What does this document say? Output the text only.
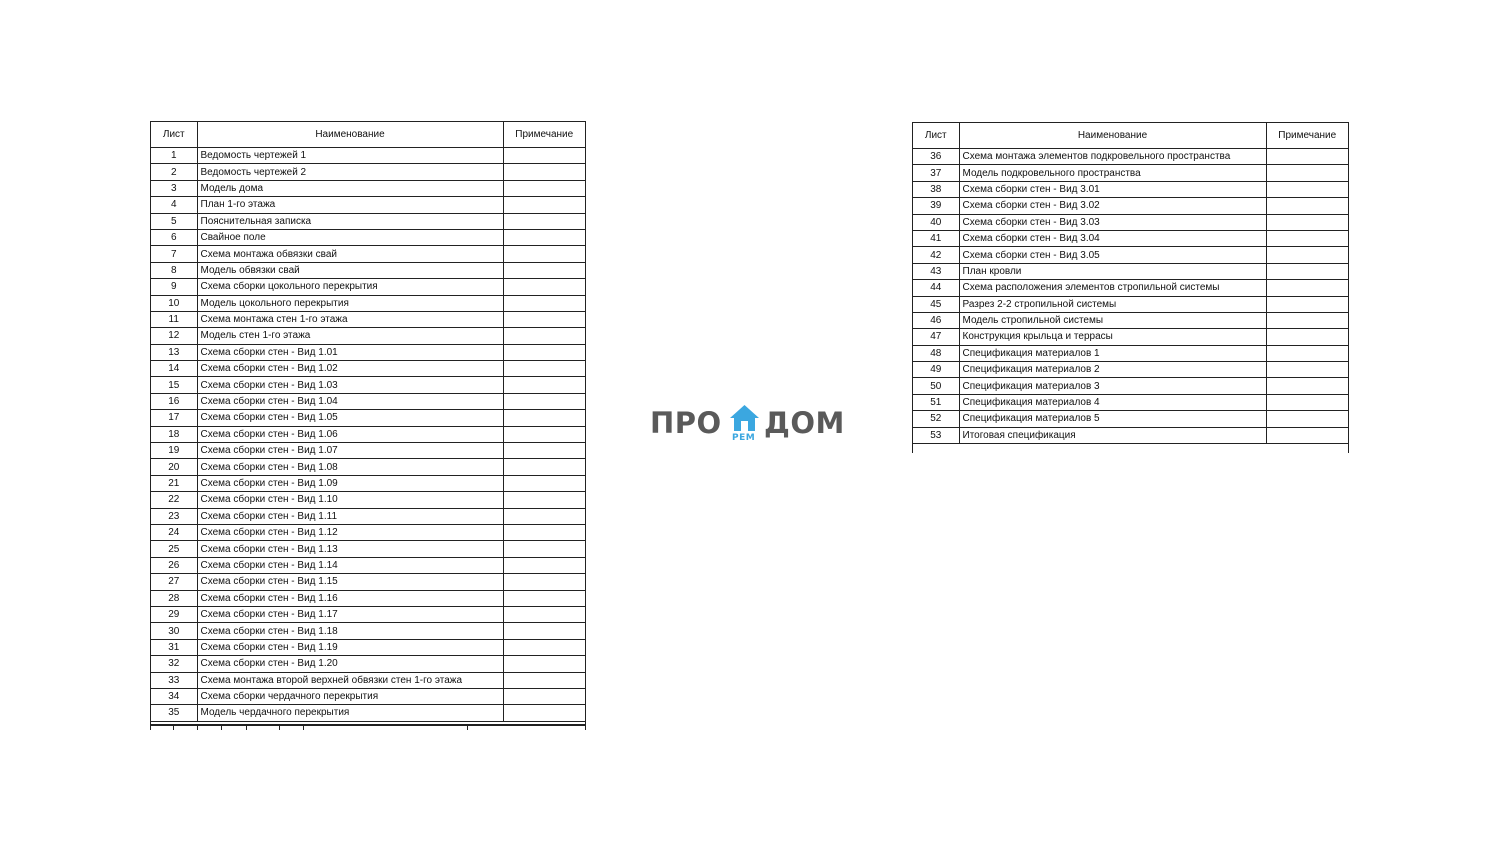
Лист	Наименование	Примечание
1	Ведомость чертежей 1	
2	Ведомость чертежей 2	
3	Модель дома	
4	План 1-го этажа	
5	Пояснительная записка	
6	Свайное поле	
7	Схема монтажа обвязки свай	
8	Модель обвязки свай	
9	Схема сборки цокольного перекрытия	
10	Модель цокольного перекрытия	
11	Схема монтажа стен 1-го этажа	
12	Модель стен 1-го этажа	
13	Схема сборки стен - Вид 1.01	
14	Схема сборки стен - Вид 1.02	
15	Схема сборки стен - Вид 1.03	
16	Схема сборки стен - Вид 1.04	
17	Схема сборки стен - Вид 1.05	
18	Схема сборки стен - Вид 1.06	
19	Схема сборки стен - Вид 1.07	
20	Схема сборки стен - Вид 1.08	
21	Схема сборки стен - Вид 1.09	
22	Схема сборки стен - Вид 1.10	
23	Схема сборки стен - Вид 1.11	
24	Схема сборки стен - Вид 1.12	
25	Схема сборки стен - Вид 1.13	
26	Схема сборки стен - Вид 1.14	
27	Схема сборки стен - Вид 1.15	
28	Схема сборки стен - Вид 1.16	
29	Схема сборки стен - Вид 1.17	
30	Схема сборки стен - Вид 1.18	
31	Схема сборки стен - Вид 1.19	
32	Схема сборки стен - Вид 1.20	
33	Схема монтажа второй верхней обвязки стен 1-го этажа	
34	Схема сборки чердачного перекрытия	
35	Модель чердачного перекрытия	
ПРО РЕМ ДОМ
Лист	Наименование	Примечание
36	Схема монтажа элементов подкровельного пространства	
37	Модель подкровельного пространства	
38	Схема сборки стен - Вид 3.01	
39	Схема сборки стен - Вид 3.02	
40	Схема сборки стен - Вид 3.03	
41	Схема сборки стен - Вид 3.04	
42	Схема сборки стен - Вид 3.05	
43	План кровли	
44	Схема расположения элементов стропильной системы	
45	Разрез 2-2 стропильной системы	
46	Модель стропильной системы	
47	Конструкция крыльца и террасы	
48	Спецификация материалов 1	
49	Спецификация материалов 2	
50	Спецификация материалов 3	
51	Спецификация материалов 4	
52	Спецификация материалов 5	
53	Итоговая спецификация	
